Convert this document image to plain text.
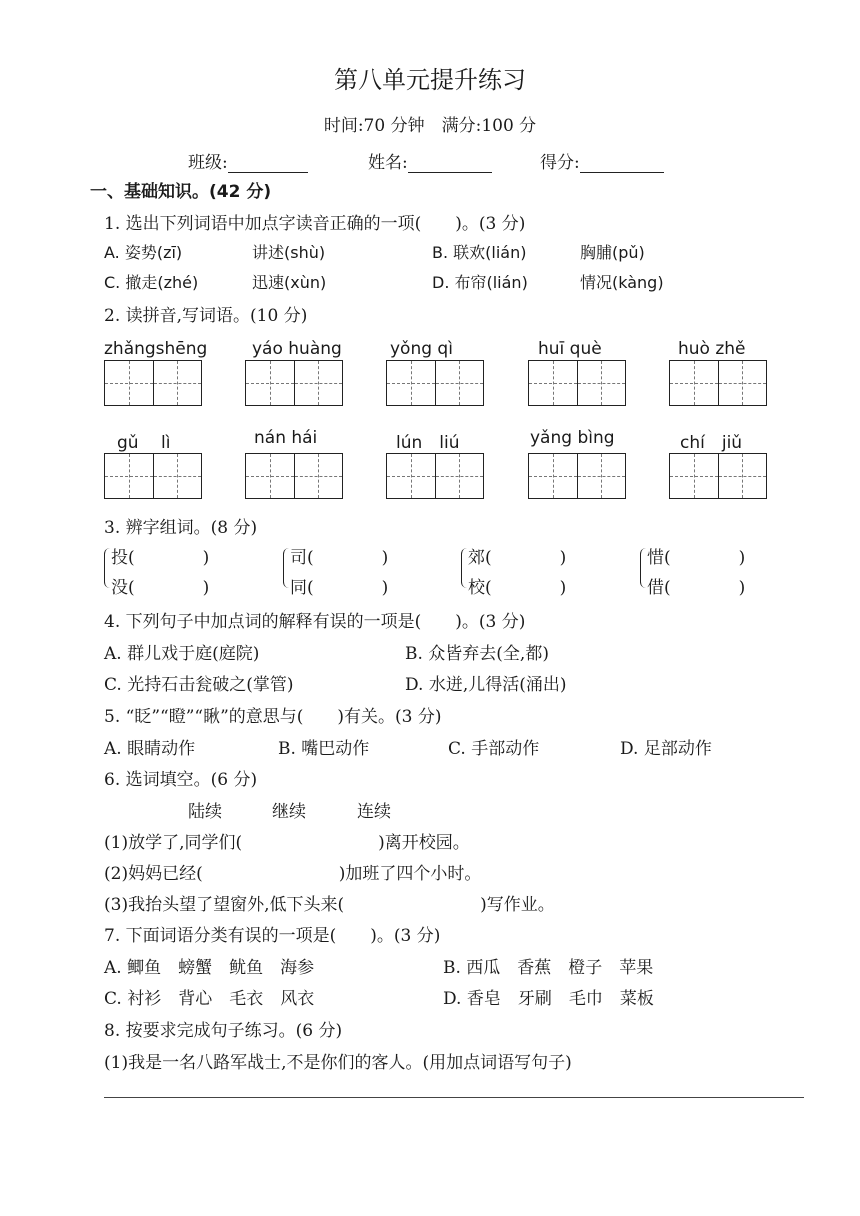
第八单元提升练习
时间:70 分钟　满分:100 分
班级:	姓名:	得分:
一、基础知识。(42 分)
1. 选出下列词语中加点字读音正确的一项(　　)。(3 分)
A. 姿势(zī)	讲述(shù)	B. 联欢(lián)	胸脯(pǔ)
C. 撤走(zhé)	迅速(xùn)	D. 布帘(lián)	情况(kàng)
2. 读拼音,写词语。(10 分)
zhǎngshēng	yáo huàng	yǒng qì	huī què	huò zhě
gǔ　 lì	nán hái	lún　liú	yǎng bìng	chí　jiǔ
3. 辨字组词。(8 分)
投(　　　　)
没(　　　　)
司(　　　　)
同(　　　　)
郊(　　　　)
校(　　　　)
惜(　　　　)
借(　　　　)
4. 下列句子中加点词的解释有误的一项是(　　)。(3 分)
A. 群儿戏于庭(庭院)	B. 众皆弃去(全,都)
C. 光持石击瓮破之(掌管)	D. 水迸,儿得活(涌出)
5. “眨”“瞪”“瞅”的意思与(　　)有关。(3 分)
A. 眼睛动作	B. 嘴巴动作	C. 手部动作	D. 足部动作
6. 选词填空。(6 分)
陆续	继续	连续
(1)放学了,同学们(　　　　　　　　)离开校园。
(2)妈妈已经(　　　　　　　　)加班了四个小时。
(3)我抬头望了望窗外,低下头来(　　　　　　　　)写作业。
7. 下面词语分类有误的一项是(　　)。(3 分)
A. 鲫鱼　螃蟹　鱿鱼　海参	B. 西瓜　香蕉　橙子　苹果
C. 衬衫　背心　毛衣　风衣	D. 香皂　牙刷　毛巾　菜板
8. 按要求完成句子练习。(6 分)
(1)我是一名八路军战士,不是你们的客人。(用加点词语写句子)
